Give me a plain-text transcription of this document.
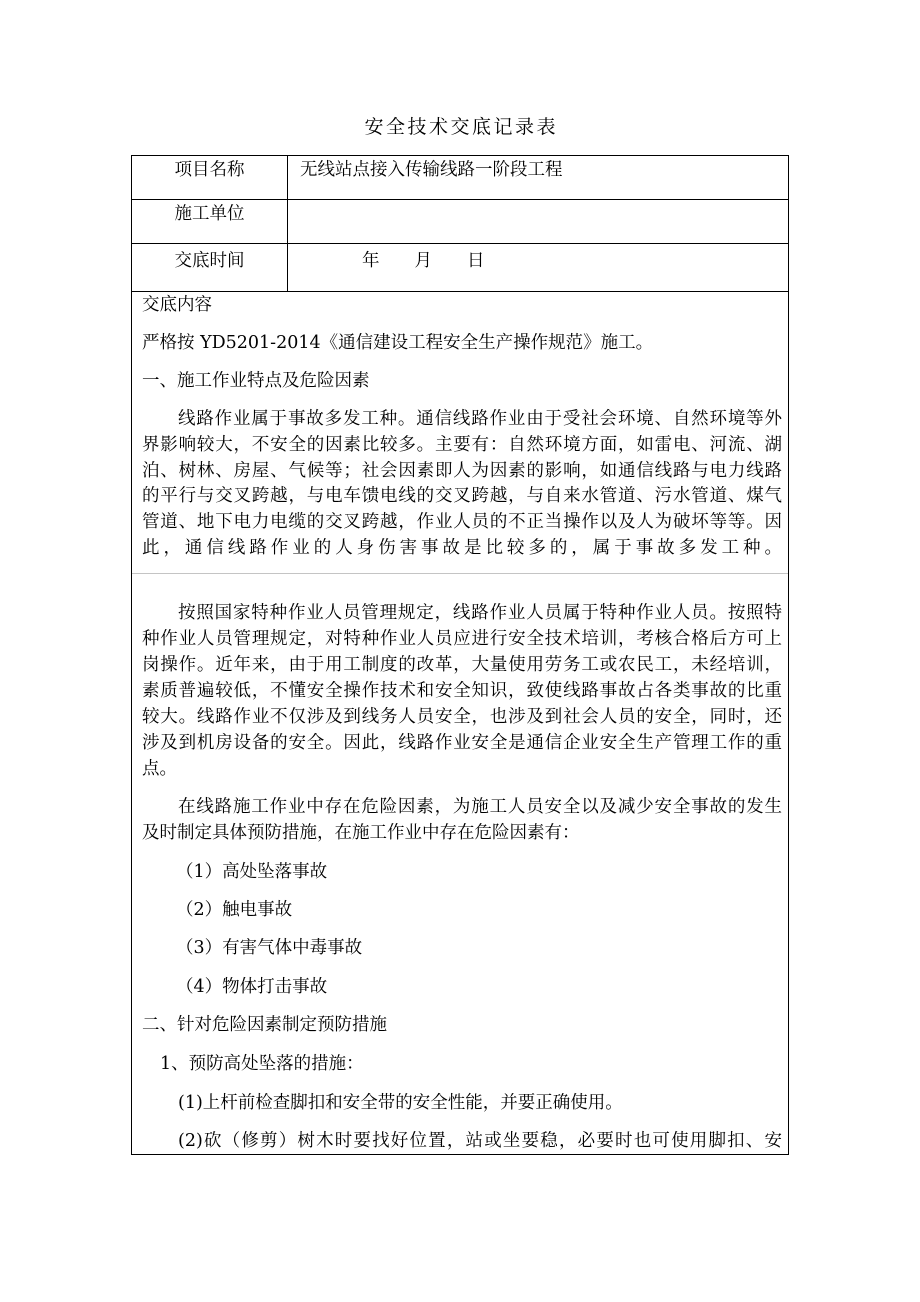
安全技术交底记录表
项目名称	无线站点接入传输线路一阶段工程
施工单位
交底时间	年　　月　　日
交底内容
严格按 YD5201-2014《通信建设工程安全生产操作规范》施工。
一、施工作业特点及危险因素
线路作业属于事故多发工种。通信线路作业由于受社会环境、自然环境等外
界影响较大，不安全的因素比较多。主要有：自然环境方面，如雷电、河流、湖
泊、树林、房屋、气候等；社会因素即人为因素的影响，如通信线路与电力线路
的平行与交叉跨越，与电车馈电线的交叉跨越，与自来水管道、污水管道、煤气
管道、地下电力电缆的交叉跨越，作业人员的不正当操作以及人为破坏等等。因
此，通信线路作业的人身伤害事故是比较多的，属于事故多发工种。
按照国家特种作业人员管理规定，线路作业人员属于特种作业人员。按照特
种作业人员管理规定，对特种作业人员应进行安全技术培训，考核合格后方可上
岗操作。近年来，由于用工制度的改革，大量使用劳务工或农民工，未经培训，
素质普遍较低，不懂安全操作技术和安全知识，致使线路事故占各类事故的比重
较大。线路作业不仅涉及到线务人员安全，也涉及到社会人员的安全，同时，还
涉及到机房设备的安全。因此，线路作业安全是通信企业安全生产管理工作的重
点。
在线路施工作业中存在危险因素，为施工人员安全以及减少安全事故的发生
及时制定具体预防措施，在施工作业中存在危险因素有：
（1）高处坠落事故
（2）触电事故
（3）有害气体中毒事故
（4）物体打击事故
二、针对危险因素制定预防措施
1、预防高处坠落的措施：
(1)上杆前检查脚扣和安全带的安全性能，并要正确使用。
(2)砍（修剪）树木时要找好位置，站或坐要稳，必要时也可使用脚扣、安
